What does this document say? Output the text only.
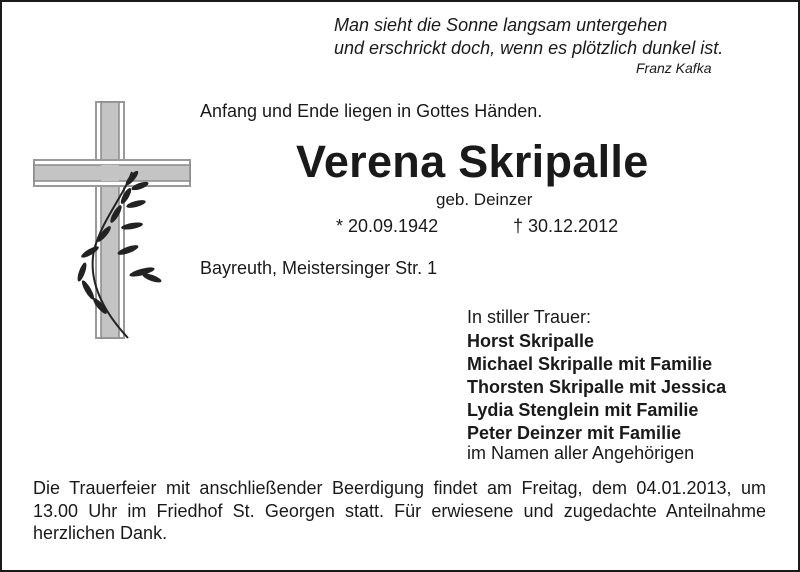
Man sieht die Sonne langsam untergehen
und erschrickt doch, wenn es plötzlich dunkel ist.
Franz Kafka
Anfang und Ende liegen in Gottes Händen.
Verena Skripalle
geb. Deinzer
* 20.09.1942	† 30.12.2012
Bayreuth, Meistersinger Str. 1
In stiller Trauer:
Horst Skripalle
Michael Skripalle mit Familie
Thorsten Skripalle mit Jessica
Lydia Stenglein mit Familie
Peter Deinzer mit Familie
im Namen aller Angehörigen
Die Trauerfeier mit anschließender Beerdigung findet am Freitag, dem 04.01.2013, um 13.00 Uhr im Friedhof St. Georgen statt. Für erwiesene und zugedachte Anteilnahme herzlichen Dank.
